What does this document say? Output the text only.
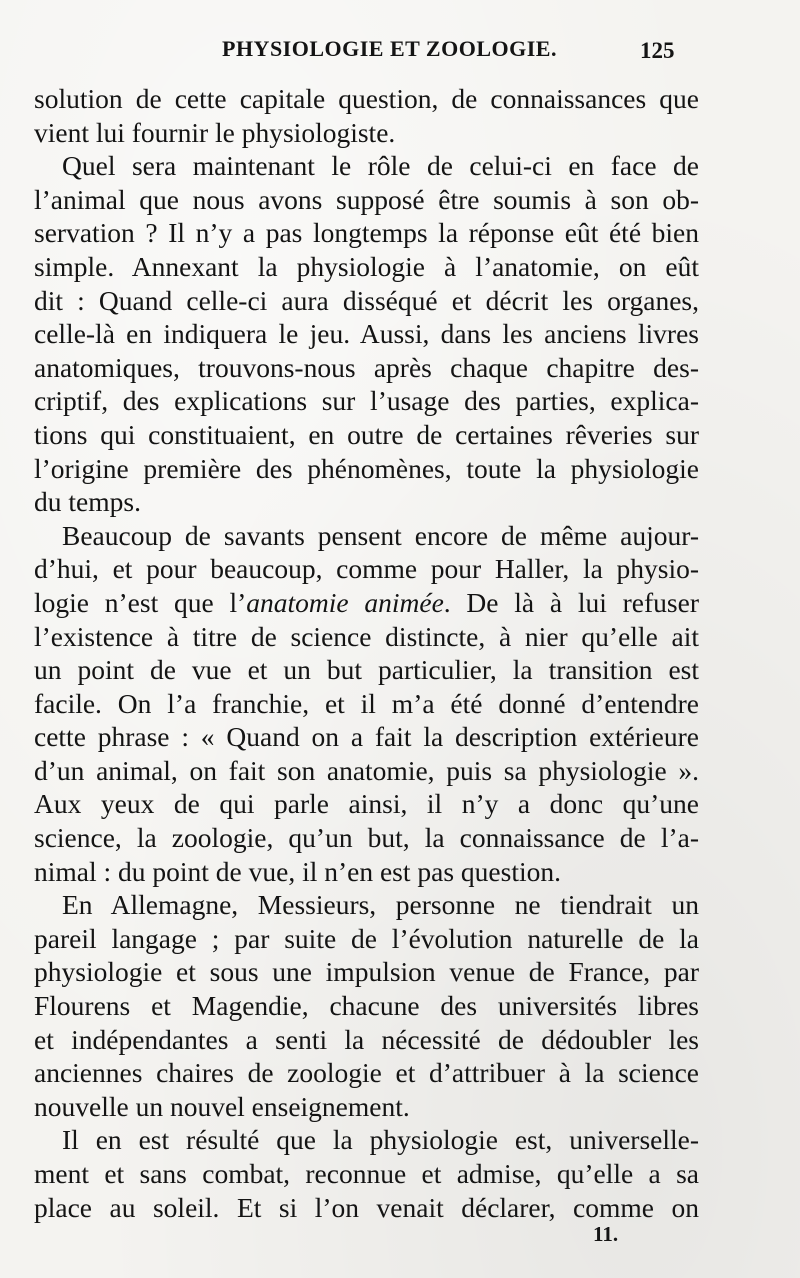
PHYSIOLOGIE ET ZOOLOGIE.	125
solution de cette capitale question, de connaissances que
vient lui fournir le physiologiste.
Quel sera maintenant le rôle de celui-ci en face de
l’animal que nous avons supposé être soumis à son ob-
servation ? Il n’y a pas longtemps la réponse eût été bien
simple. Annexant la physiologie à l’anatomie, on eût
dit : Quand celle-ci aura disséqué et décrit les organes,
celle-là en indiquera le jeu. Aussi, dans les anciens livres
anatomiques, trouvons-nous après chaque chapitre des-
criptif, des explications sur l’usage des parties, explica-
tions qui constituaient, en outre de certaines rêveries sur
l’origine première des phénomènes, toute la physiologie
du temps.
Beaucoup de savants pensent encore de même aujour-
d’hui, et pour beaucoup, comme pour Haller, la physio-
logie n’est que l’anatomie animée. De là à lui refuser
l’existence à titre de science distincte, à nier qu’elle ait
un point de vue et un but particulier, la transition est
facile. On l’a franchie, et il m’a été donné d’entendre
cette phrase : « Quand on a fait la description extérieure
d’un animal, on fait son anatomie, puis sa physiologie ».
Aux yeux de qui parle ainsi, il n’y a donc qu’une
science, la zoologie, qu’un but, la connaissance de l’a-
nimal : du point de vue, il n’en est pas question.
En Allemagne, Messieurs, personne ne tiendrait un
pareil langage ; par suite de l’évolution naturelle de la
physiologie et sous une impulsion venue de France, par
Flourens et Magendie, chacune des universités libres
et indépendantes a senti la nécessité de dédoubler les
anciennes chaires de zoologie et d’attribuer à la science
nouvelle un nouvel enseignement.
Il en est résulté que la physiologie est, universelle-
ment et sans combat, reconnue et admise, qu’elle a sa
place au soleil. Et si l’on venait déclarer, comme on
11.
